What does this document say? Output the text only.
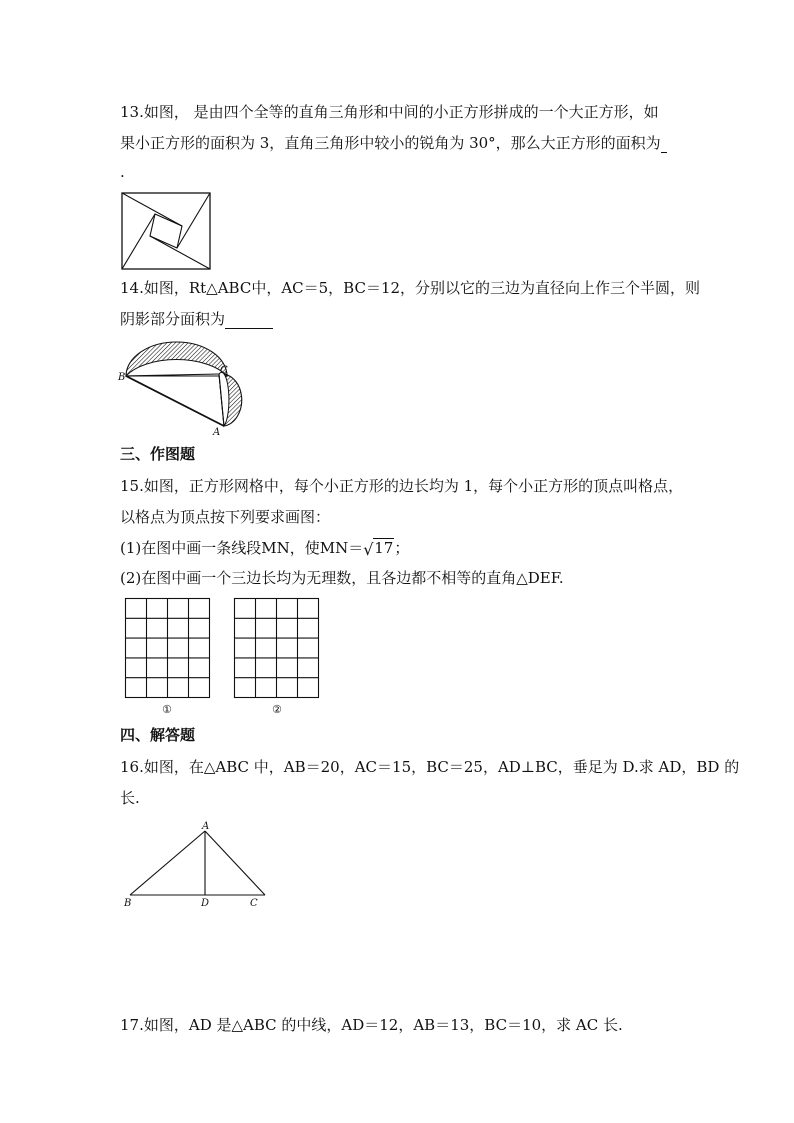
13.如图， 是由四个全等的直角三角形和中间的小正方形拼成的一个大正方形，如
果小正方形的面积为 3，直角三角形中较小的锐角为 30°，那么大正方形的面积为
.
14.如图，Rt△ABC中，AC＝5，BC＝12，分别以它的三边为直径向上作三个半圆，则
阴影部分面积为
B
C
A
三、作图题
15.如图，正方形网格中，每个小正方形的边长均为 1，每个小正方形的顶点叫格点，
以格点为顶点按下列要求画图：
(1)在图中画一条线段MN，使MN＝ √ 17；
(2)在图中画一个三边长均为无理数，且各边都不相等的直角△DEF.
①	②
四、解答题
16.如图，在△ABC 中，AB＝20，AC＝15，BC＝25，AD⊥BC，垂足为 D.求 AD，BD 的
长.
A
B	D	C
17.如图，AD 是△ABC 的中线，AD＝12，AB＝13，BC＝10，求 AC 长.
